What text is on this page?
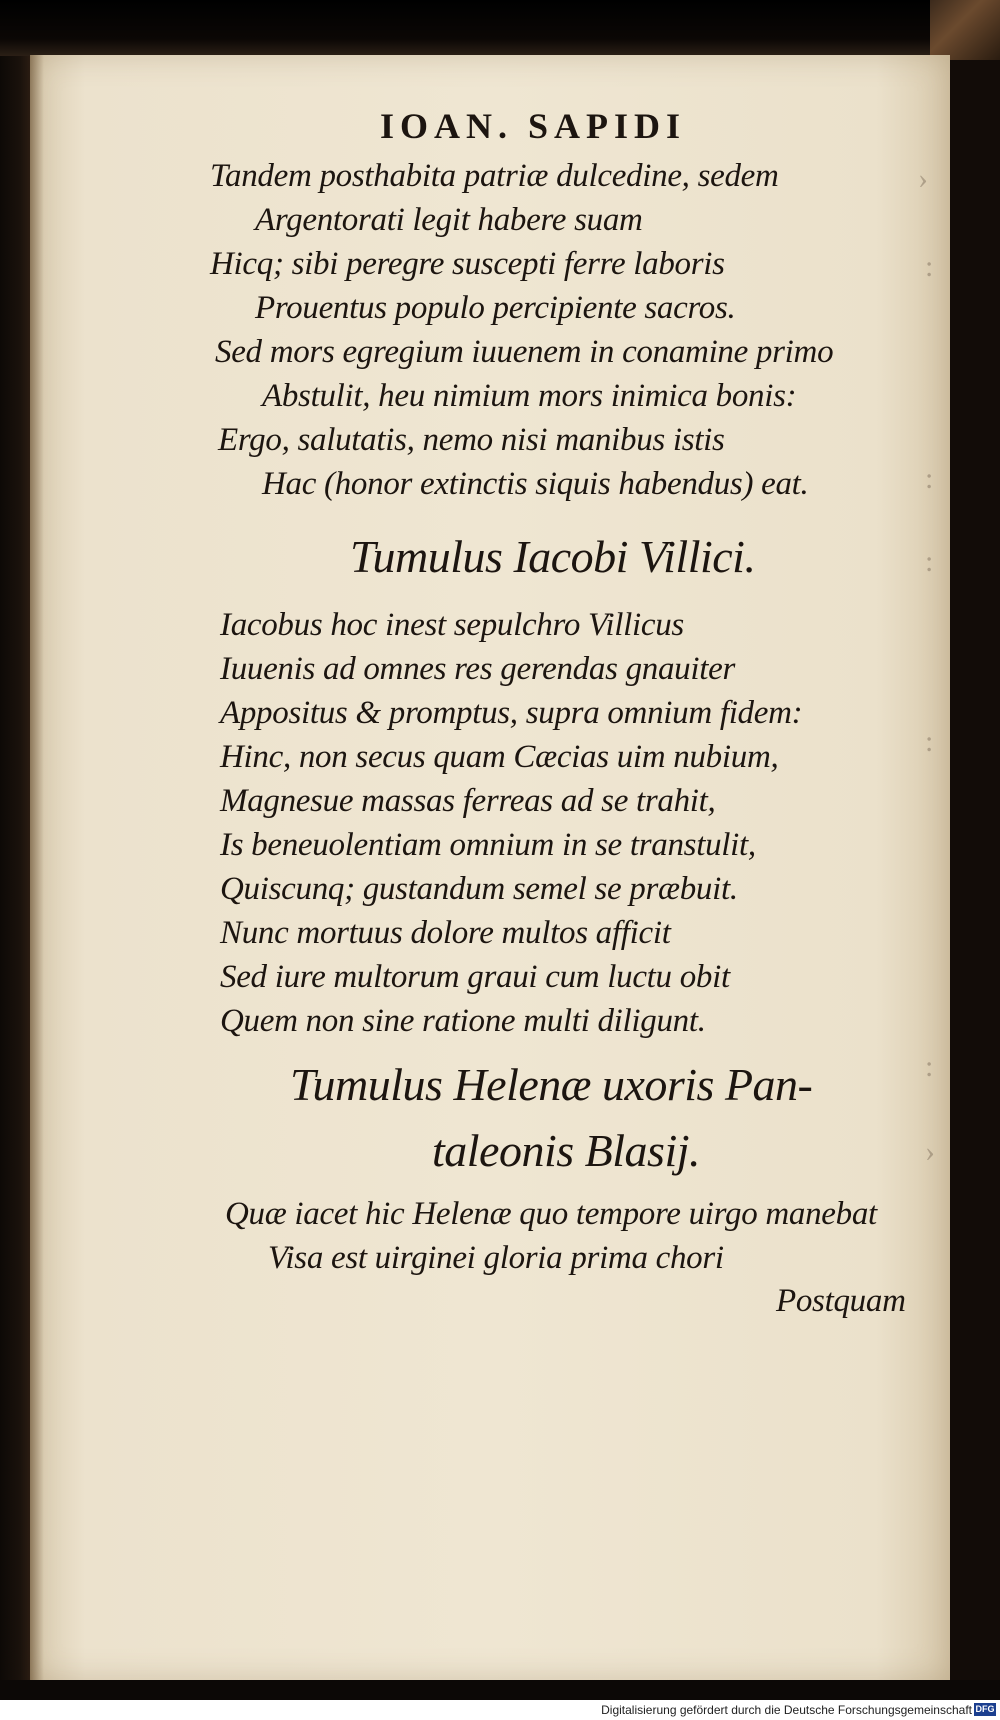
›
:
:
:
:
:
›
IOAN. SAPIDI
Tandem posthabita patriæ dulcedine, sedem
Argentorati legit habere suam
Hicq; sibi peregre suscepti ferre laboris
Prouentus populo percipiente sacros.
Sed mors egregium iuuenem in conamine primo
Abstulit, heu nimium mors inimica bonis:
Ergo, salutatis, nemo nisi manibus istis
Hac (honor extinctis siquis habendus) eat.
Tumulus Iacobi Villici.
Iacobus hoc inest sepulchro Villicus
Iuuenis ad omnes res gerendas gnauiter
Appositus & promptus, supra omnium fidem:
Hinc, non secus quam Cæcias uim nubium,
Magnesue massas ferreas ad se trahit,
Is beneuolentiam omnium in se transtulit,
Quiscunq; gustandum semel se præbuit.
Nunc mortuus dolore multos afficit
Sed iure multorum graui cum luctu obit
Quem non sine ratione multi diligunt.
Tumulus Helenæ uxoris Pan-
taleonis Blasij.
Quæ iacet hic Helenæ quo tempore uirgo manebat
Visa est uirginei gloria prima chori
Postquam
Digitalisierung gefördert durch die Deutsche Forschungsgemeinschaft DFG
